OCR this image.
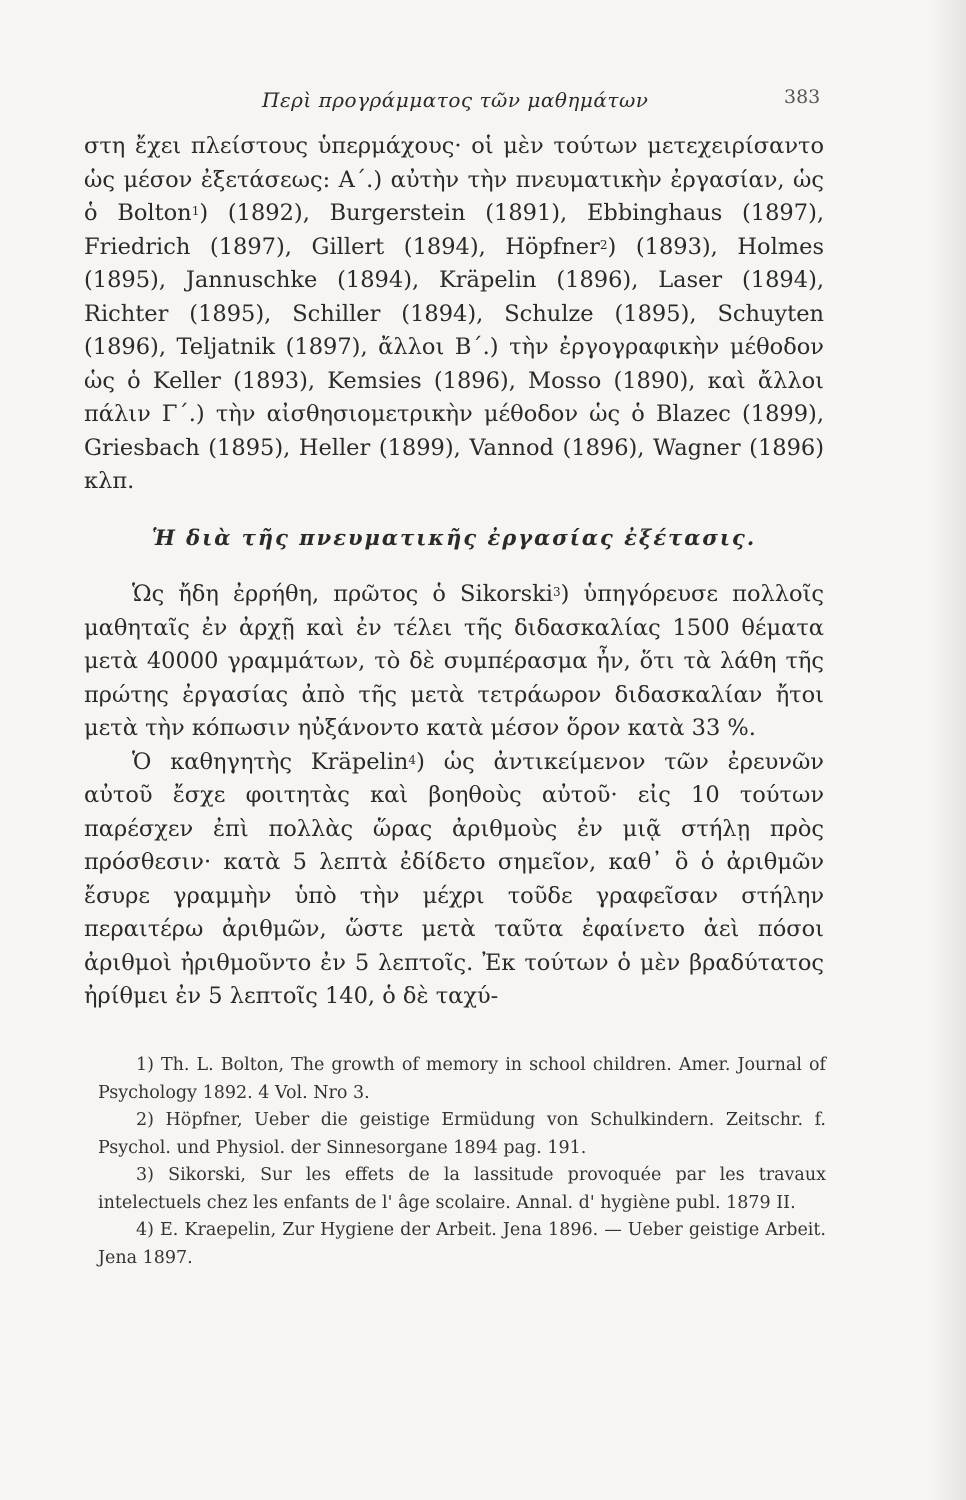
Περὶ προγράμματος τῶν μαθημάτων	383

στη ἔχει πλείστους ὑπερμάχους· οἱ μὲν τούτων μετεχειρίσαντο ὡς μέσον ἐξετάσεως: Α΄.) αὐτὴν τὴν πνευματικὴν ἐργασίαν, ὡς ὁ Bolton$^1$) (1892), Burgerstein (1891), Ebbinghaus (1897), Friedrich (1897), Gillert (1894), Höpfner$^2$) (1893), Holmes (1895), Jannuschke (1894), Kräpelin (1896), Laser (1894), Richter (1895), Schiller (1894), Schulze (1895), Schuyten (1896), Teljatnik (1897), ἄλλοι Β΄.) τὴν ἐργογραφικὴν μέθοδον ὡς ὁ Keller (1893), Kemsies (1896), Mosso (1890), καὶ ἄλλοι πάλιν Γ΄.) τὴν αἰσθησιομετρικὴν μέθοδον ὡς ὁ Blazec (1899), Griesbach (1895), Heller (1899), Vannod (1896), Wagner (1896) κλπ.

Ἡ διὰ τῆς πνευματικῆς ἐργασίας ἐξέτασις.

Ὡς ἤδη ἐρρήθη, πρῶτος ὁ Sikorski$^3$) ὑπηγόρευσε πολλοῖς μαθηταῖς ἐν ἀρχῇ καὶ ἐν τέλει τῆς διδασκαλίας 1500 θέματα μετὰ 40000 γραμμάτων, τὸ δὲ συμπέρασμα ἦν, ὅτι τὰ λάθη τῆς πρώτης ἐργασίας ἀπὸ τῆς μετὰ τετράωρον διδασκαλίαν ἤτοι μετὰ τὴν κόπωσιν ηὐξάνοντο κατὰ μέσον ὅρον κατὰ 33 %.

Ὁ καθηγητὴς Kräpelin$^4$) ὡς ἀντικείμενον τῶν ἐρευνῶν αὐτοῦ ἔσχε φοιτητὰς καὶ βοηθοὺς αὐτοῦ· εἰς 10 τούτων παρέσχεν ἐπὶ πολλὰς ὥρας ἀριθμοὺς ἐν μιᾷ στήλῃ πρὸς πρόσθεσιν· κατὰ 5 λεπτὰ ἐδίδετο σημεῖον, καθ᾽ ὃ ὁ ἀριθμῶν ἔσυρε γραμμὴν ὑπὸ τὴν μέχρι τοῦδε γραφεῖσαν στήλην περαιτέρω ἀριθμῶν, ὥστε μετὰ ταῦτα ἐφαίνετο ἀεὶ πόσοι ἀριθμοὶ ἠριθμοῦντο ἐν 5 λεπτοῖς. Ἐκ τούτων ὁ μὲν βραδύτατος ἠρίθμει ἐν 5 λεπτοῖς 140, ὁ δὲ ταχύ-

1) Th. L. Bolton, The growth of memory in school children. Amer. Journal of Psychology 1892. 4 Vol. Nro 3.

2) Höpfner, Ueber die geistige Ermüdung von Schulkindern. Zeitschr. f. Psychol. und Physiol. der Sinnesorgane 1894 pag. 191.

3) Sikorski, Sur les effets de la lassitude provoquée par les travaux intelectuels chez les enfants de l' âge scolaire. Annal. d' hygiène publ. 1879 II.

4) E. Kraepelin, Zur Hygiene der Arbeit. Jena 1896. — Ueber geistige Arbeit. Jena 1897.
